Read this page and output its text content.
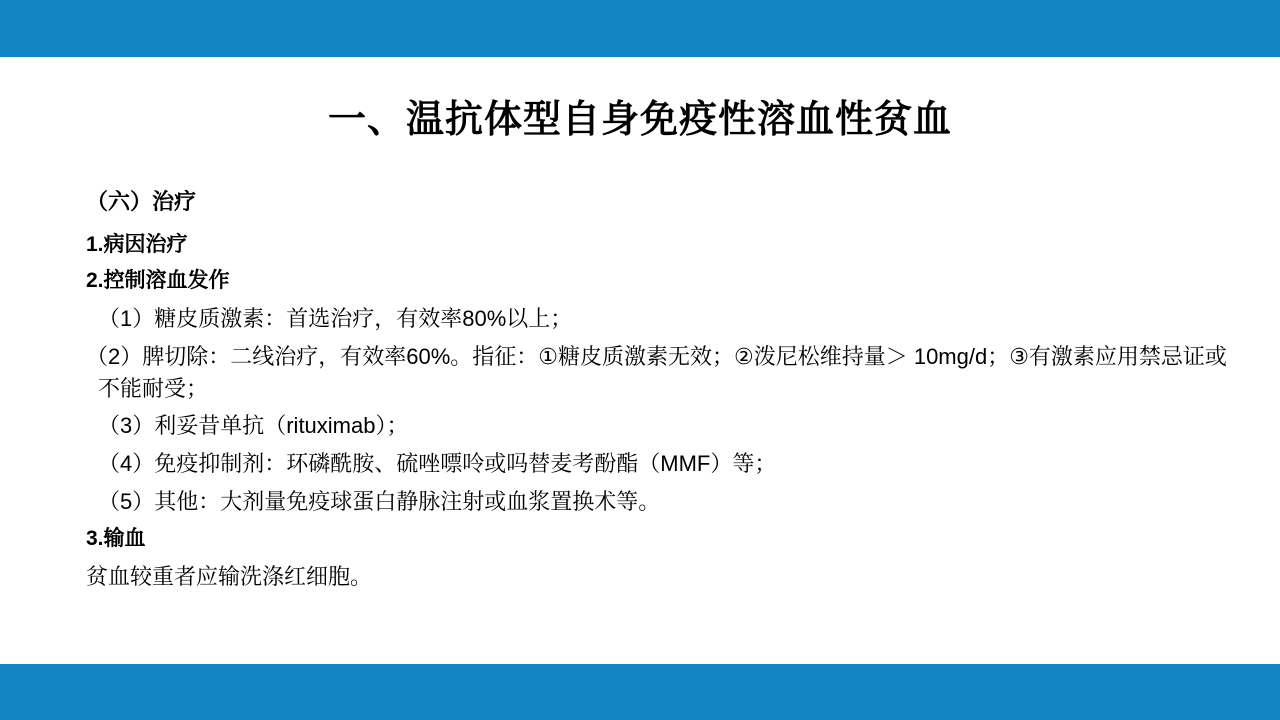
一、温抗体型自身免疫性溶血性贫血

（六）治疗

1.病因治疗

2.控制溶血发作

（1）糖皮质激素：首选治疗，有效率80%以上；

（2）脾切除：二线治疗，有效率60%。指征：①糖皮质激素无效；②泼尼松维持量＞ 10mg/d；③有激素应用禁忌证或不能耐受；

（3）利妥昔单抗（rituximab）；

（4）免疫抑制剂：环磷酰胺、硫唑嘌呤或吗替麦考酚酯（MMF）等；

（5）其他：大剂量免疫球蛋白静脉注射或血浆置换术等。

3.输血

贫血较重者应输洗涤红细胞。
